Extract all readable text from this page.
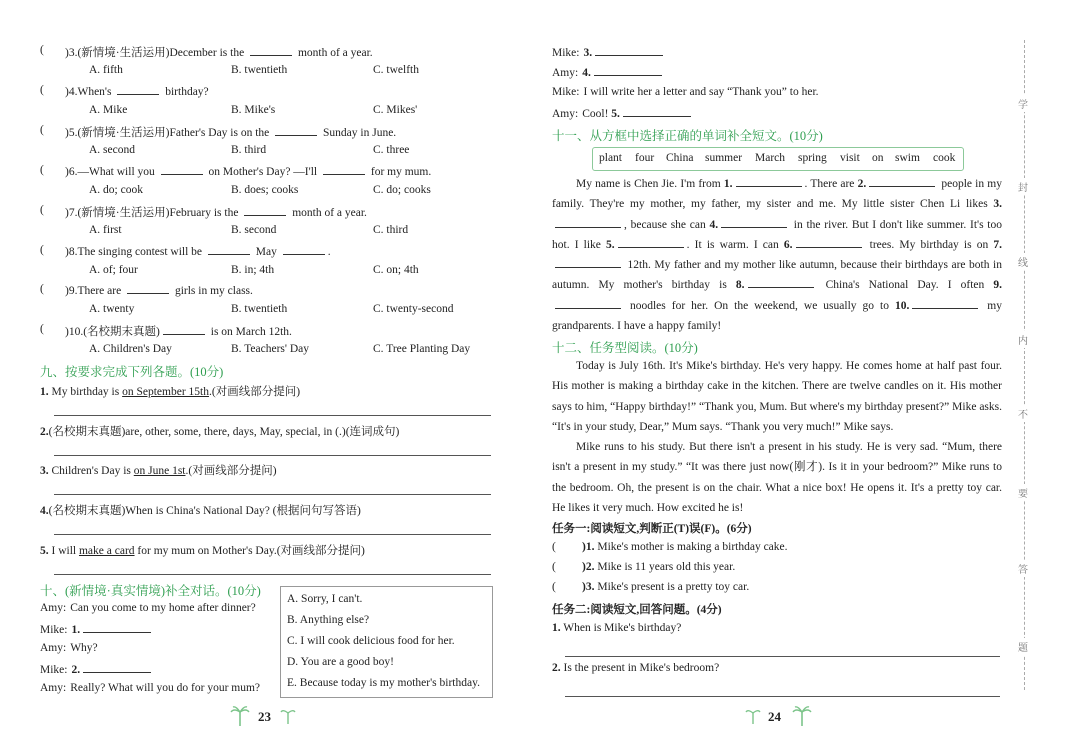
( )3.(新情境·生活运用)December is the	month of a year.
A. fifth	B. twentieth	C. twelfth
( )4.When's	birthday?
A. Mike	B. Mike's	C. Mikes'
( )5.(新情境·生活运用)Father's Day is on the	Sunday in June.
A. second	B. third	C. three
( )6.—What will you	on Mother's Day? —I'll	for my mum.
A. do; cook	B. does; cooks	C. do; cooks
( )7.(新情境·生活运用)February is the	month of a year.
A. first	B. second	C. third
( )8.The singing contest will be	May	.
A. of; four	B. in; 4th	C. on; 4th
( )9.There are	girls in my class.
A. twenty	B. twentieth	C. twenty-second
( )10.(名校期末真题)	is on March 12th.
A. Children's Day	B. Teachers' Day	C. Tree Planting Day
九、按要求完成下列各题。(10分)
1. My birthday is on September 15th.(对画线部分提问)
2.(名校期末真题)are, other, some, there, days, May, special, in (.)(连词成句)
3. Children's Day is on June 1st.(对画线部分提问)
4.(名校期末真题)When is China's National Day? (根据问句写答语)
5. I will make a card for my mum on Mother's Day.(对画线部分提问)
十、(新情境·真实情境)补全对话。(10分)
Amy: Can you come to my home after dinner?
Mike: 1.
Amy: Why?
Mike: 2.
Amy: Really? What will you do for your mum?
A. Sorry, I can't.
B. Anything else?
C. I will cook delicious food for her.
D. You are a good boy!
E. Because today is my mother's birthday.
23
Mike: 3.
Amy: 4.
Mike: I will write her a letter and say “Thank you” to her.
Amy: Cool! 5.
十一、从方框中选择正确的单词补全短文。(10分)
plant four China summer March spring visit on swim cook
My name is Chen Jie. I'm from 1.	. There are 2.	people in my family. They're my mother, my father, my sister and me. My little sister Chen Li likes 3., because she can 4.	in the river. But I don't like summer. It's too hot. I like 5.	. It is warm. I can 6.	trees. My birthday is on 7. 12th. My father and my mother like autumn, because their birthdays are both in autumn. My mother's birthday is 8.	China's National Day. I often 9. noodles for her. On the weekend, we usually go to 10.	my grandparents. I have a happy family!
十二、任务型阅读。(10分)

Today is July 16th. It's Mike's birthday. He's very happy. He comes home at half past four. His mother is making a birthday cake in the kitchen. There are twelve candles on it. His mother says to him, “Happy birthday!” “Thank you, Mum. But where's my birthday present?” Mike asks. “It's in your study, Dear,” Mum says. “Thank you very much!” Mike says.

Mike runs to his study. But there isn't a present in his study. He is very sad. “Mum, there isn't a present in my study.” “It was there just now(刚才). Is it in your bedroom?” Mike runs to the bedroom. Oh, the present is on the chair. What a nice box! He opens it. It's a pretty toy car. He likes it very much. How excited he is!

任务一:阅读短文,判断正(T)误(F)。(6分)
( )1. Mike's mother is making a birthday cake.
( )2. Mike is 11 years old this year.
( )3. Mike's present is a pretty toy car.
任务二:阅读短文,回答问题。(4分)
1. When is Mike's birthday?
2. Is the present in Mike's bedroom?
24
学
封
线
内
不
要
答
题
